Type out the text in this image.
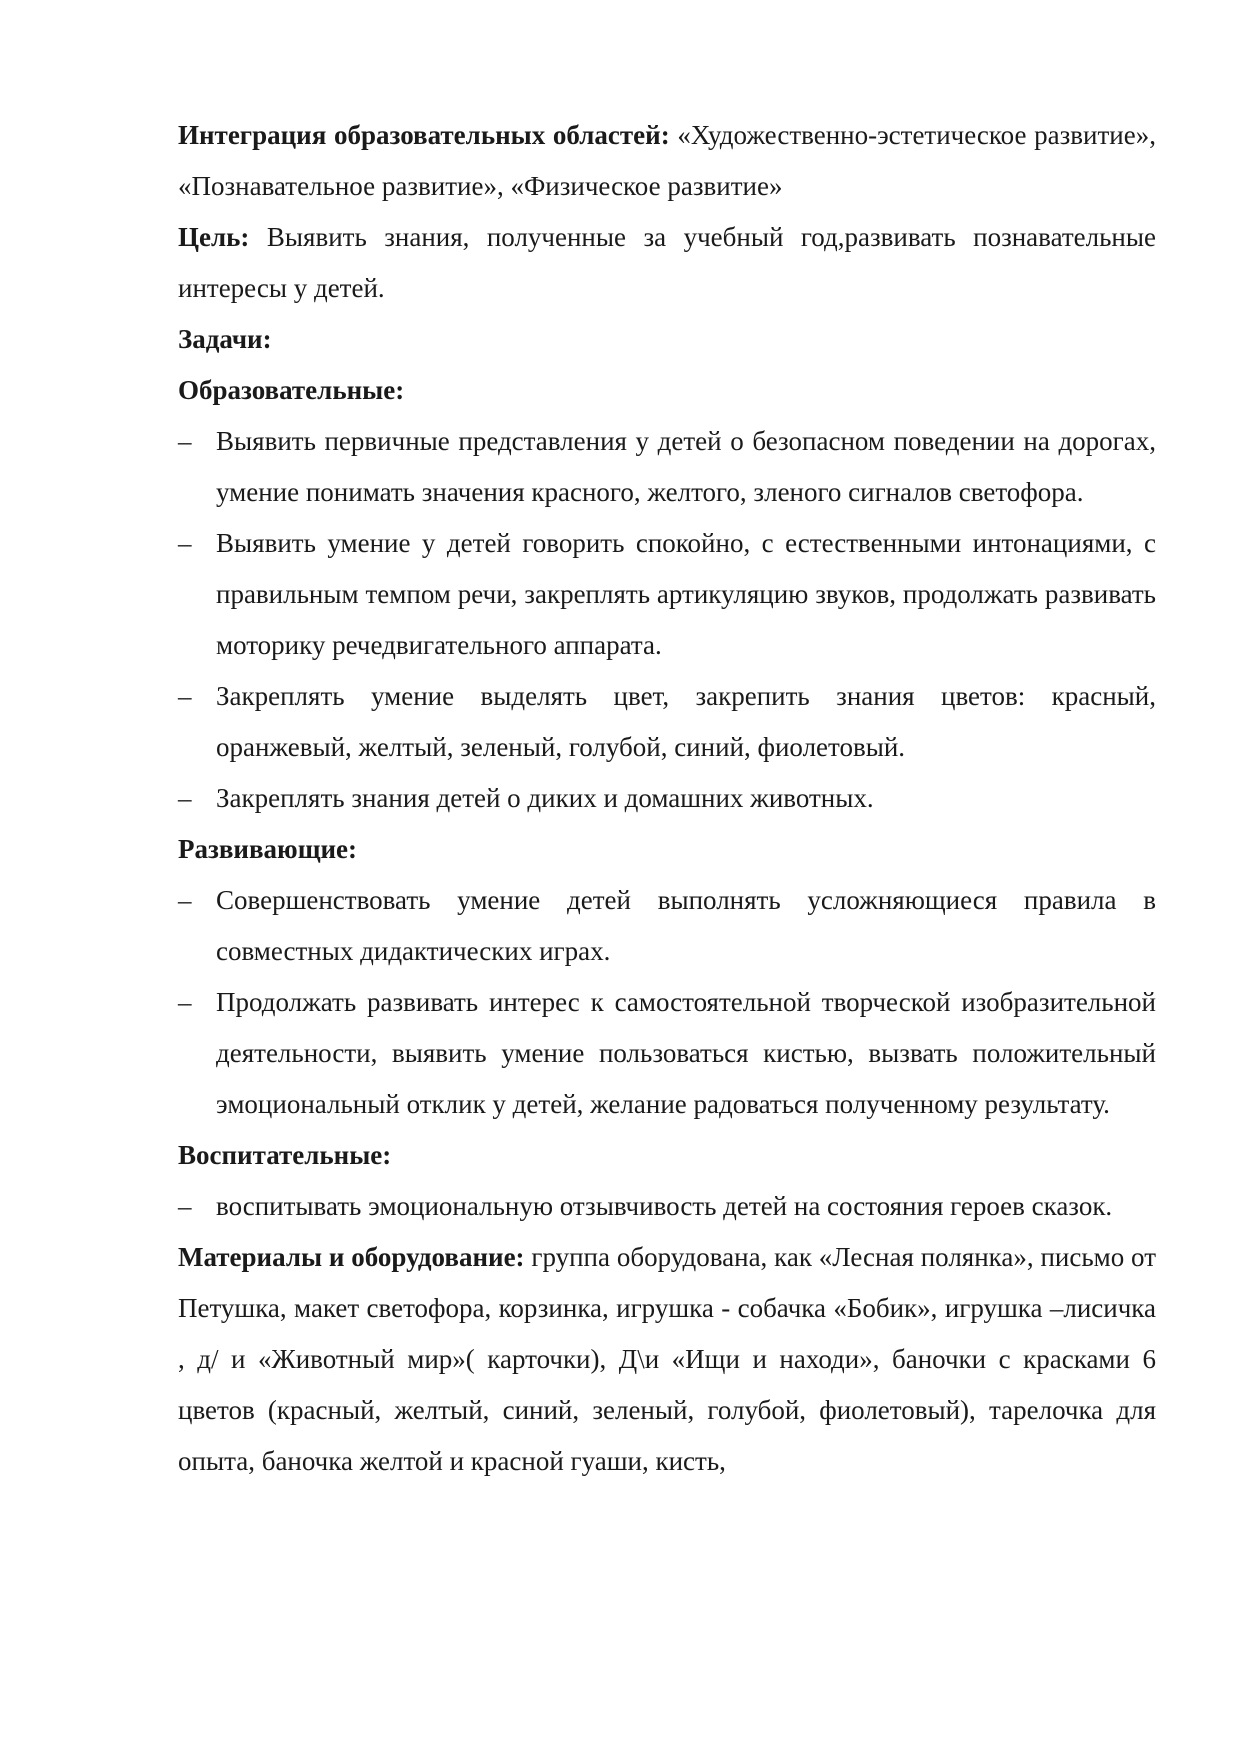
Интеграция образовательных областей: «Художественно-эстетическое развитие», «Познавательное развитие», «Физическое развитие»

Цель: Выявить знания, полученные за учебный год,развивать познавательные интересы у детей.

Задачи:

Образовательные:

– Выявить первичные представления у детей о безопасном поведении на дорогах, умение понимать значения красного, желтого, зленого сигналов светофора.
– Выявить умение у детей говорить спокойно, с естественными интонациями, с правильным темпом речи, закреплять артикуляцию звуков, продолжать развивать моторику речедвигательного аппарата.
– Закреплять умение выделять цвет, закрепить знания цветов: красный, оранжевый, желтый, зеленый, голубой, синий, фиолетовый.
– Закреплять знания детей о диких и домашних животных.

Развивающие:

– Совершенствовать умение детей выполнять усложняющиеся правила в совместных дидактических играх.
– Продолжать развивать интерес к самостоятельной творческой изобразительной деятельности, выявить умение пользоваться кистью, вызвать положительный эмоциональный отклик у детей, желание радоваться полученному результату.

Воспитательные:

– воспитывать эмоциональную отзывчивость детей на состояния героев сказок.

Материалы и оборудование: группа оборудована, как «Лесная полянка», письмо от Петушка, макет светофора, корзинка, игрушка - собачка «Бобик», игрушка –лисичка , д/ и «Животный мир»( карточки), Д\и «Ищи и находи», баночки с красками 6 цветов (красный, желтый, синий, зеленый, голубой, фиолетовый), тарелочка для опыта, баночка желтой и красной гуаши, кисть,
